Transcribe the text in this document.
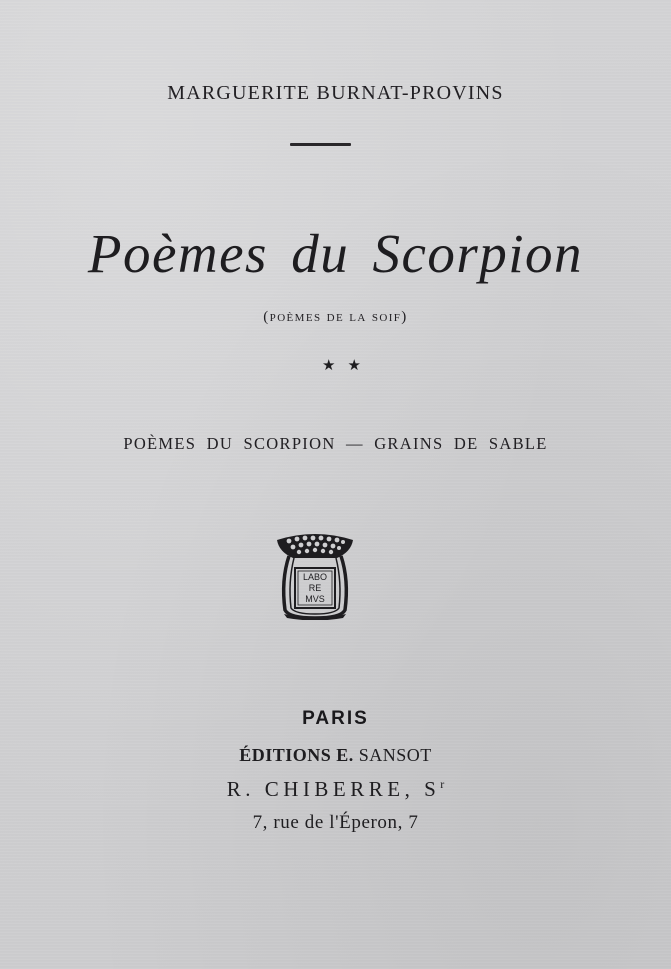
MARGUERITE BURNAT-PROVINS
Poèmes du Scorpion
(poèmes de la soif)
★★
POÈMES DU SCORPION — GRAINS DE SABLE
LABO
RE
MVS
PARIS
ÉDITIONS E. SANSOT
R. CHIBERRE, $S^r$
7, rue de l'Éperon, 7
